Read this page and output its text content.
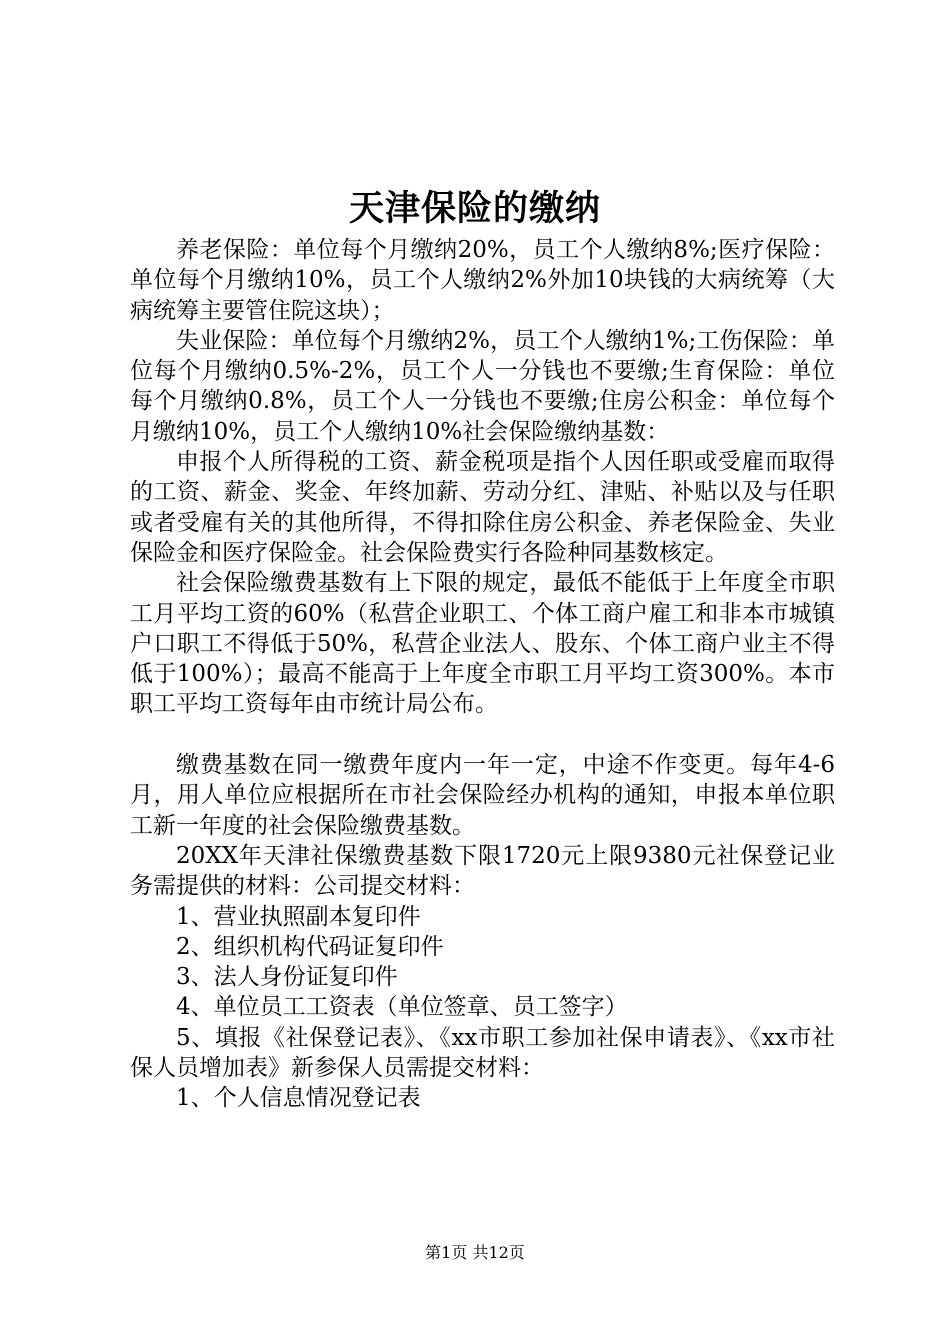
天津保险的缴纳

养老保险：单位每个月缴纳20%，员工个人缴纳8%;医疗保险：单位每个月缴纳10%，员工个人缴纳2%外加10块钱的大病统筹（大病统筹主要管住院这块）；

失业保险：单位每个月缴纳2%，员工个人缴纳1%;工伤保险：单位每个月缴纳0.5%-2%，员工个人一分钱也不要缴;生育保险：单位每个月缴纳0.8%，员工个人一分钱也不要缴;住房公积金：单位每个月缴纳10%，员工个人缴纳10%社会保险缴纳基数：

申报个人所得税的工资、薪金税项是指个人因任职或受雇而取得的工资、薪金、奖金、年终加薪、劳动分红、津贴、补贴以及与任职或者受雇有关的其他所得，不得扣除住房公积金、养老保险金、失业保险金和医疗保险金。社会保险费实行各险种同基数核定。

社会保险缴费基数有上下限的规定，最低不能低于上年度全市职工月平均工资的60%（私营企业职工、个体工商户雇工和非本市城镇户口职工不得低于50%，私营企业法人、股东、个体工商户业主不得低于100%）；最高不能高于上年度全市职工月平均工资300%。本市职工平均工资每年由市统计局公布。

缴费基数在同一缴费年度内一年一定，中途不作变更。每年4-6月，用人单位应根据所在市社会保险经办机构的通知，申报本单位职工新一年度的社会保险缴费基数。

20XX年天津社保缴费基数下限1720元上限9380元社保登记业务需提供的材料：公司提交材料：

1、营业执照副本复印件

2、组织机构代码证复印件

3、法人身份证复印件

4、单位员工工资表（单位签章、员工签字）

5、填报《社保登记表》、《xx市职工参加社保申请表》、《xx市社保人员增加表》新参保人员需提交材料：

1、个人信息情况登记表

第1页 共12页
